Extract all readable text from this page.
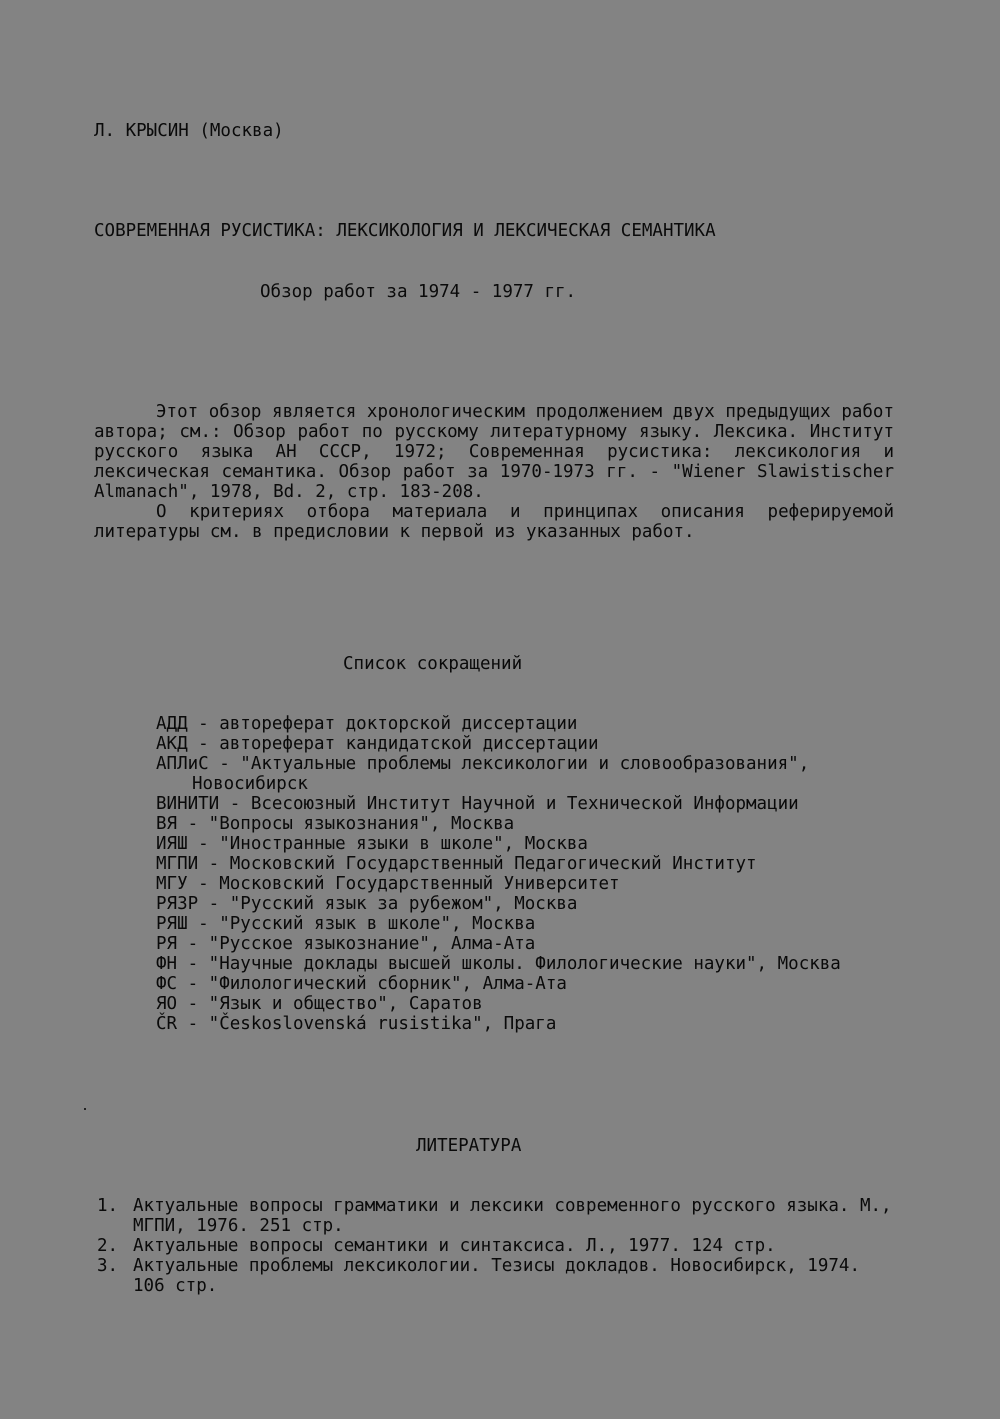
Л. КРЫСИН (Москва)
СОВРЕМЕННАЯ РУСИСТИКА: ЛЕКСИКОЛОГИЯ И ЛЕКСИЧЕСКАЯ СЕМАНТИКА
Обзор работ за 1974 - 1977 гг.

Этот обзор является хронологическим продолжением двух предыдущих работ автора; см.: Обзор работ по русскому литературному языку. Лексика. Институт русского языка АН СССР, 1972; Современная русистика: лексикология и лексическая семантика. Обзор работ за 1970-1973 гг. - "Wiener Slawistischer Almanach", 1978, Bd. 2, стр. 183-208.

О критериях отбора материала и принципах описания реферируемой литературы см. в предисловии к первой из указанных работ.

Список сокращений
АДД - автореферат докторской диссертации
АКД - автореферат кандидатской диссертации
АПЛиС - "Актуальные проблемы лексикологии и словообразования", Новосибирск
ВИНИТИ - Всесоюзный Институт Научной и Технической Информации
ВЯ - "Вопросы языкознания", Москва
ИЯШ - "Иностранные языки в школе", Москва
МГПИ - Московский Государственный Педагогический Институт
МГУ - Московский Государственный Университет
РЯЗР - "Русский язык за рубежом", Москва
РЯШ - "Русский язык в школе", Москва
РЯ - "Русское языкознание", Алма-Ата
ФН - "Научные доклады высшей школы. Филологические науки", Москва
ФС - "Филологический сборник", Алма-Ата
ЯО - "Язык и общество", Саратов
ČR - "Československá rusistika", Прага
ЛИТЕРАТУРА
1. Актуальные вопросы грамматики и лексики современного русского языка. М., МГПИ, 1976. 251 стр.
2. Актуальные вопросы семантики и синтаксиса. Л., 1977. 124 стр.
3. Актуальные проблемы лексикологии. Тезисы докладов. Новосибирск, 1974. 106 стр.
